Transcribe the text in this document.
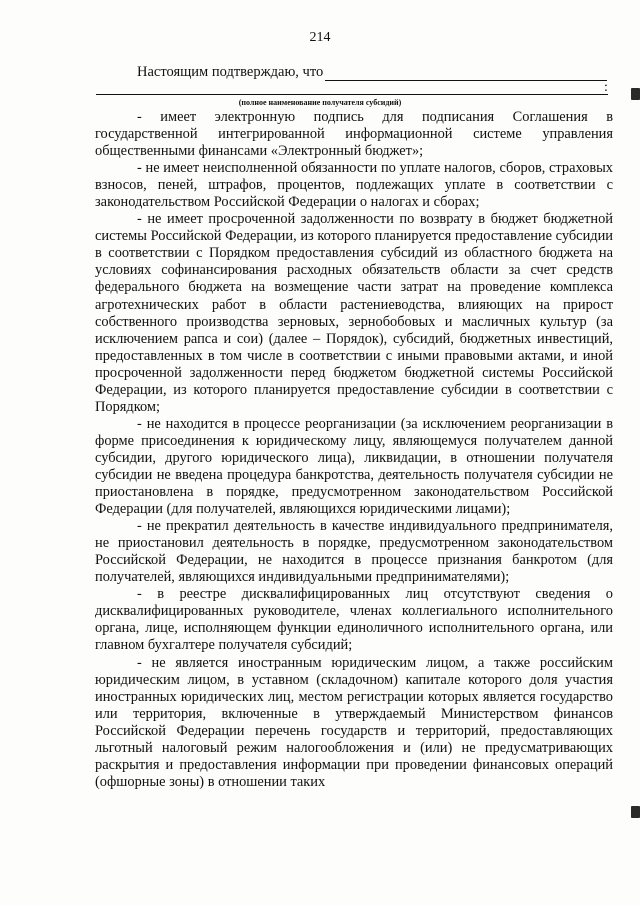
214
Настоящим подтверждаю, что
:
(полное наименование получателя субсидий)

- имеет электронную подпись для подписания Соглашения в государственной интегрированной информационной системе управления общественными финансами «Электронный бюджет»;

- не имеет неисполненной обязанности по уплате налогов, сборов, страховых взносов, пеней, штрафов, процентов, подлежащих уплате в соответствии с законодательством Российской Федерации о налогах и сборах;

- не имеет просроченной задолженности по возврату в бюджет бюджетной системы Российской Федерации, из которого планируется предоставление субсидии в соответствии с Порядком предоставления субсидий из областного бюджета на условиях софинансирования расходных обязательств области за счет средств федерального бюджета на возмещение части затрат на проведение комплекса агротехнических работ в области растениеводства, влияющих на прирост собственного производства зерновых, зернобобовых и масличных культур (за исключением рапса и сои) (далее – Порядок), субсидий, бюджетных инвестиций, предоставленных в том числе в соответствии с иными правовыми актами, и иной просроченной задолженности перед бюджетом бюджетной системы Российской Федерации, из которого планируется предоставление субсидии в соответствии с Порядком;

- не находится в процессе реорганизации (за исключением реорганизации в форме присоединения к юридическому лицу, являющемуся получателем данной субсидии, другого юридического лица), ликвидации, в отношении получателя субсидии не введена процедура банкротства, деятельность получателя субсидии не приостановлена в порядке, предусмотренном законодательством Российской Федерации (для получателей, являющихся юридическими лицами);

- не прекратил деятельность в качестве индивидуального предпринимателя, не приостановил деятельность в порядке, предусмотренном законодательством Российской Федерации, не находится в процессе признания банкротом (для получателей, являющихся индивидуальными предпринимателями);

- в реестре дисквалифицированных лиц отсутствуют сведения о дисквалифицированных руководителе, членах коллегиального исполнительного органа, лице, исполняющем функции единоличного исполнительного органа, или главном бухгалтере получателя субсидий;

- не является иностранным юридическим лицом, а также российским юридическим лицом, в уставном (складочном) капитале которого доля участия иностранных юридических лиц, местом регистрации которых является государство или территория, включенные в утверждаемый Министерством финансов Российской Федерации перечень государств и территорий, предоставляющих льготный налоговый режим налогообложения и (или) не предусматривающих раскрытия и предоставления информации при проведении финансовых операций (офшорные зоны) в отношении таких
